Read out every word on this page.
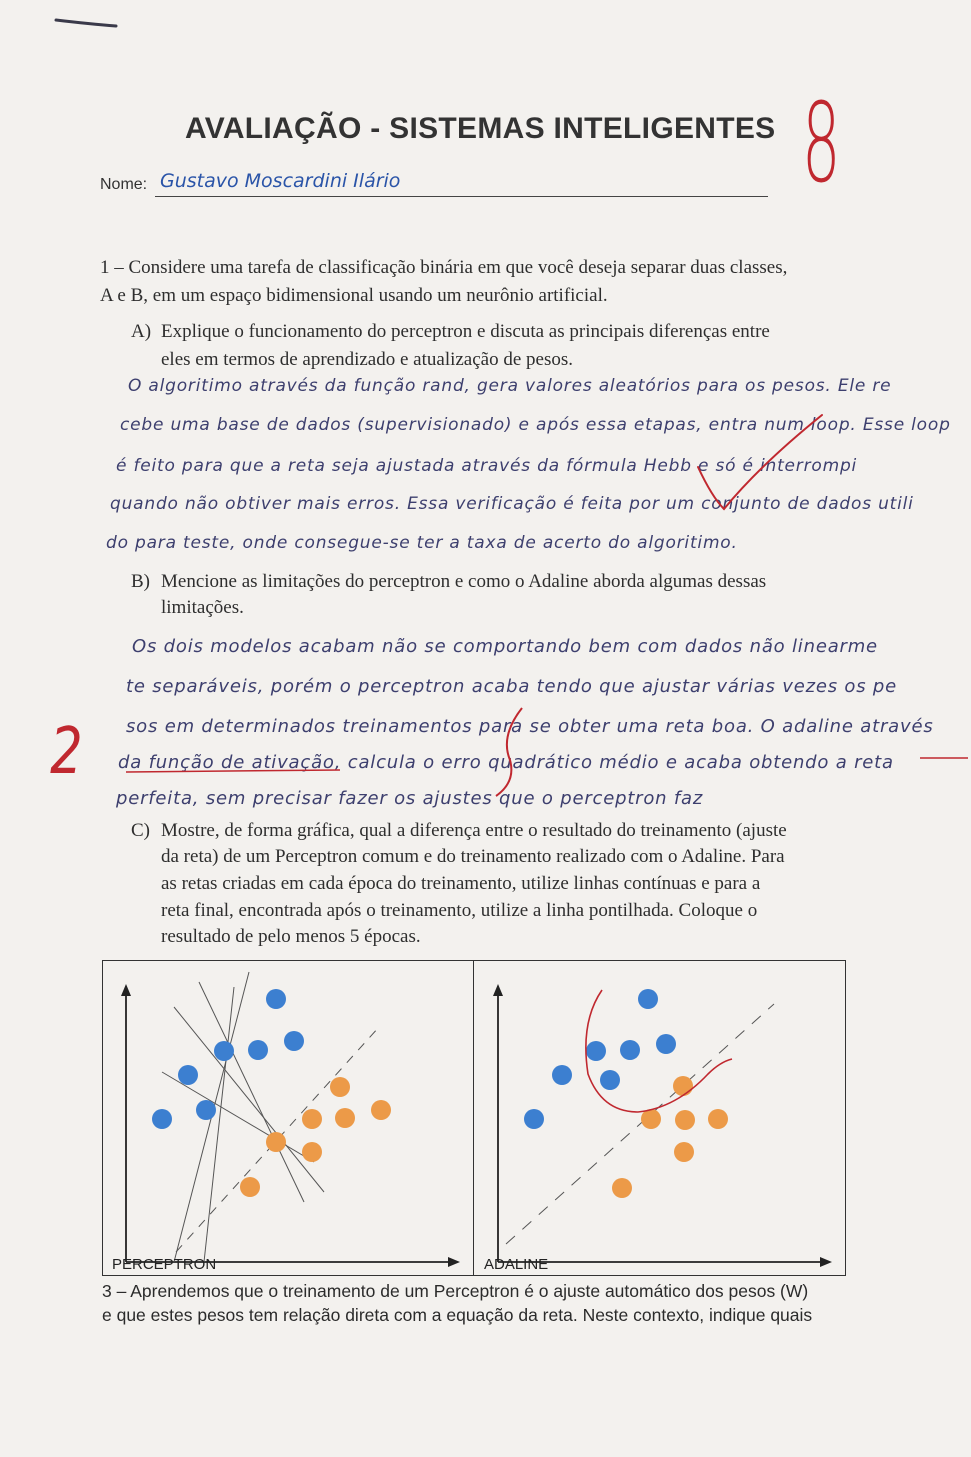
AVALIAÇÃO - SISTEMAS INTELIGENTES
Nome: Gustavo Moscardini Ilário	8
1 – Considere uma tarefa de classificação binária em que você deseja separar duas classes,
A e B, em um espaço bidimensional usando um neurônio artificial.
A) Explique o funcionamento do perceptron e discuta as principais diferenças entre
eles em termos de aprendizado e atualização de pesos.
O algoritimo através da função rand, gera valores aleatórios para os pesos. Ele re
cebe uma base de dados (supervisionado) e após essa etapas, entra num loop. Esse loop
é feito para que a reta seja ajustada através da fórmula Hebb e só é interrompi
quando não obtiver mais erros. Essa verificação é feita por um conjunto de dados utili
do para teste, onde consegue-se ter a taxa de acerto do algoritimo.
B) Mencione as limitações do perceptron e como o Adaline aborda algumas dessas
limitações.
Os dois modelos acabam não se comportando bem com dados não linearme
te separáveis, porém o perceptron acaba tendo que ajustar várias vezes os pe
sos em determinados treinamentos para se obter uma reta boa. O adaline através
da função de ativação, calcula o erro quadrático médio e acaba obtendo a reta
perfeita, sem precisar fazer os ajustes que o perceptron faz
2
C) Mostre, de forma gráfica, qual a diferença entre o resultado do treinamento (ajuste
da reta) de um Perceptron comum e do treinamento realizado com o Adaline. Para
as retas criadas em cada época do treinamento, utilize linhas contínuas e para a
reta final, encontrada após o treinamento, utilize a linha pontilhada. Coloque o
resultado de pelo menos 5 épocas.
PERCEPTRON	ADALINE
3 – Aprendemos que o treinamento de um Perceptron é o ajuste automático dos pesos (W)
e que estes pesos tem relação direta com a equação da reta. Neste contexto, indique quais
